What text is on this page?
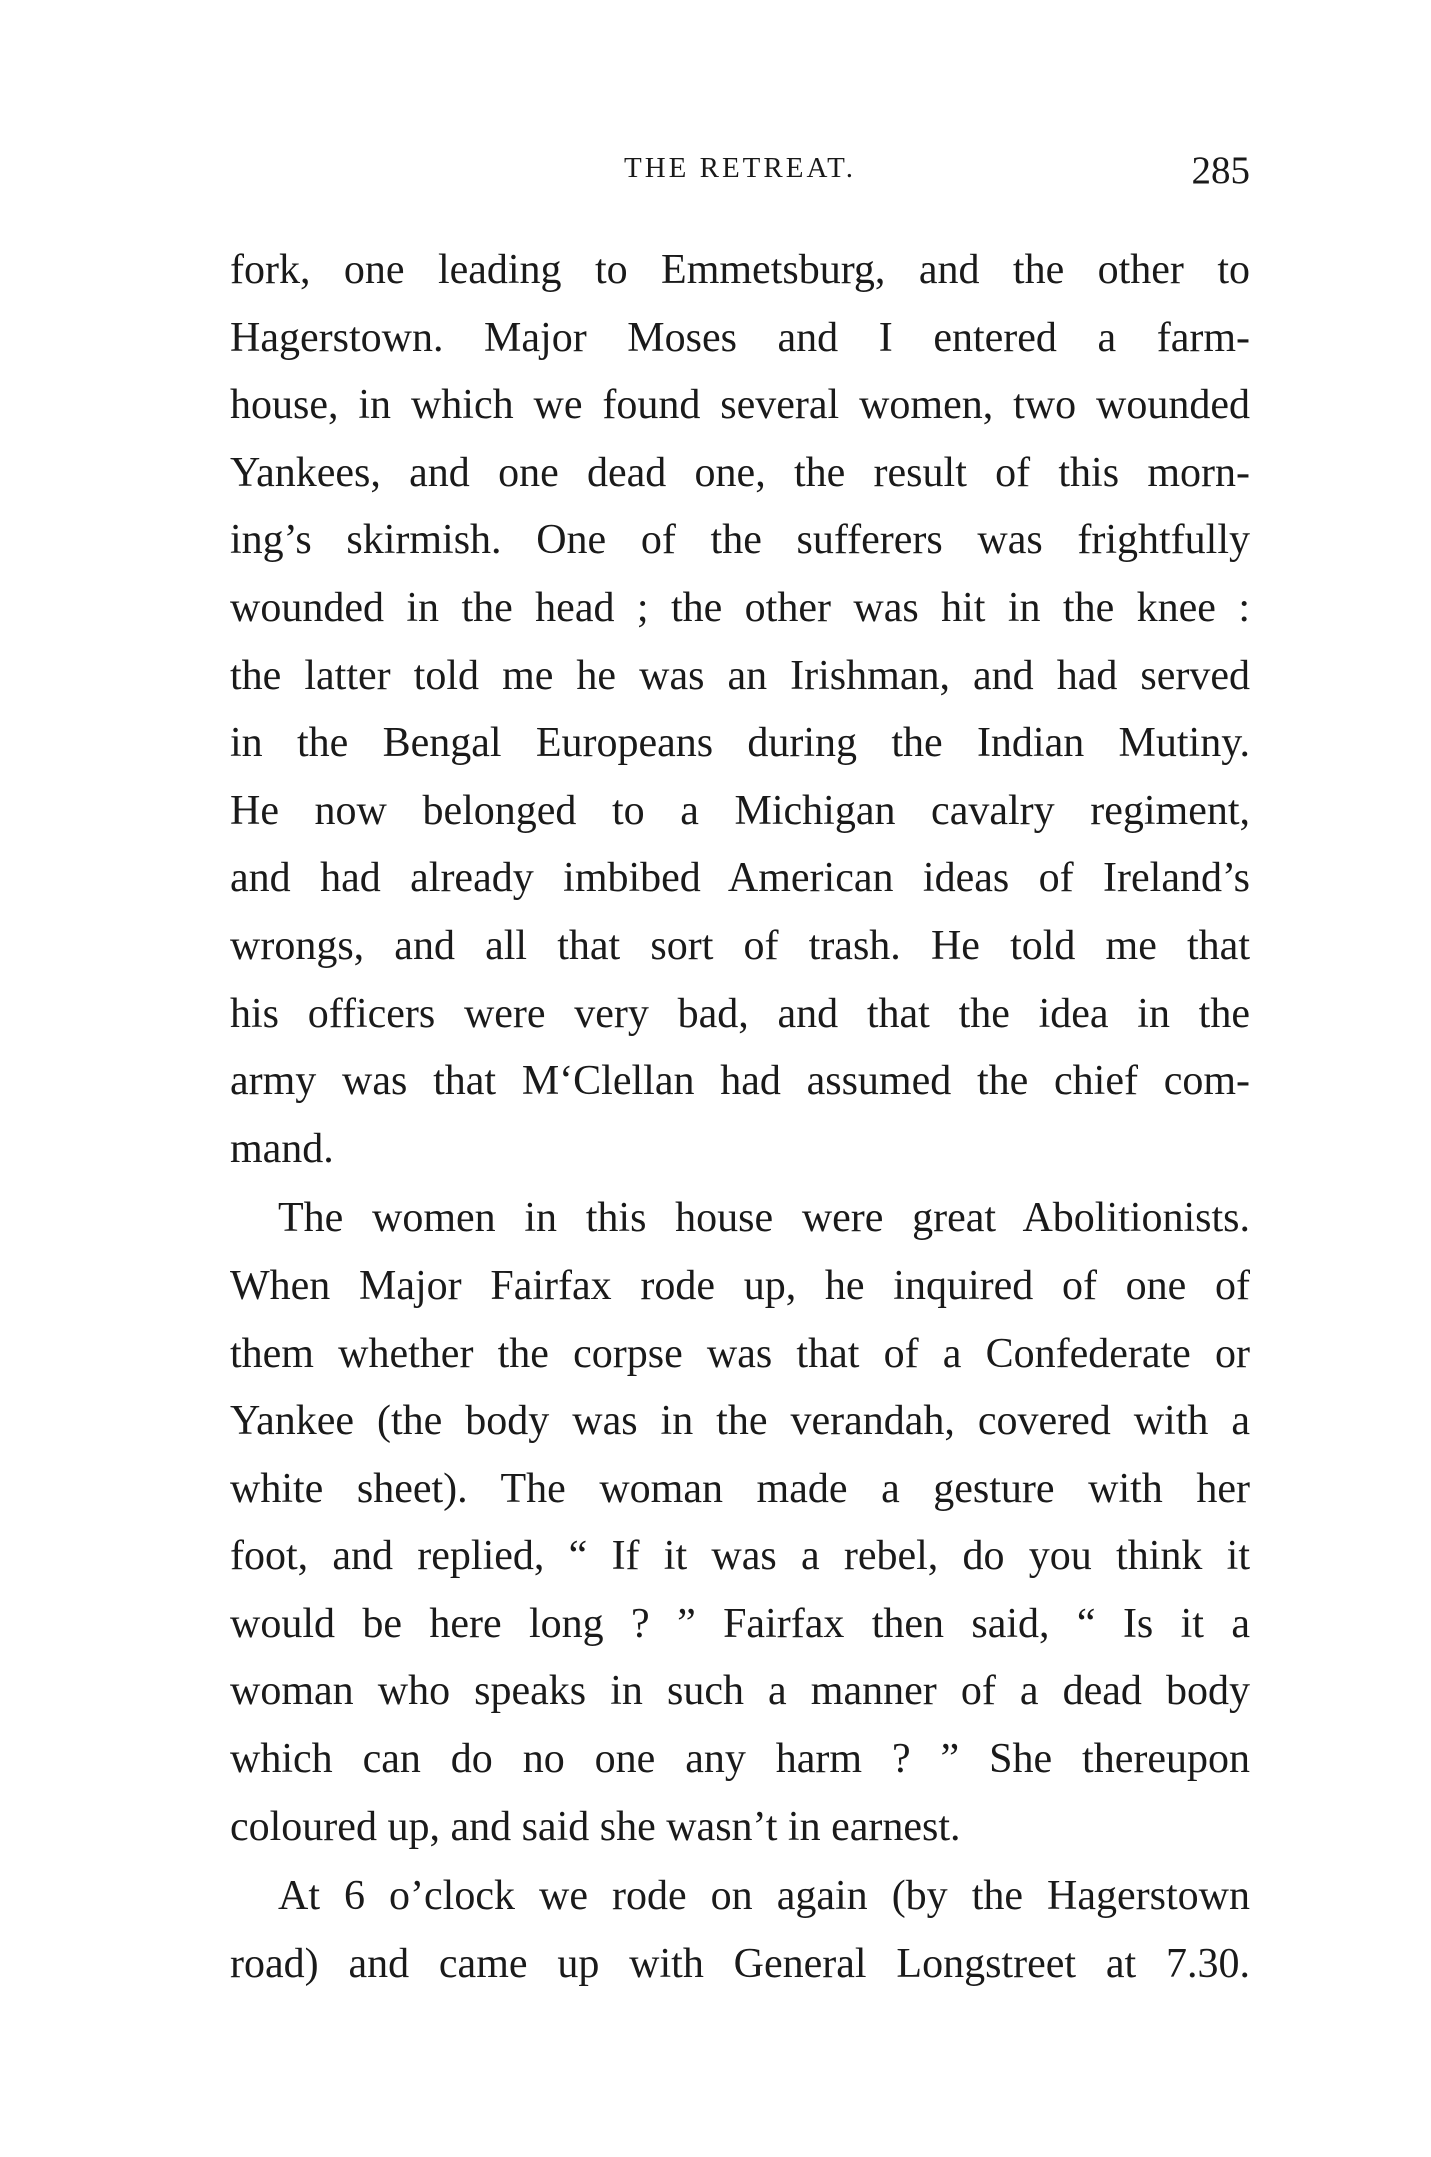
THE RETREAT.	285
fork, one leading to Emmetsburg, and the other to
Hagerstown. Major Moses and I entered a farm-
house, in which we found several women, two wounded
Yankees, and one dead one, the result of this morn-
ing’s skirmish. One of the sufferers was frightfully
wounded in the head ; the other was hit in the knee :
the latter told me he was an Irishman, and had served
in the Bengal Europeans during the Indian Mutiny.
He now belonged to a Michigan cavalry regiment,
and had already imbibed American ideas of Ireland’s
wrongs, and all that sort of trash. He told me that
his officers were very bad, and that the idea in the
army was that M‘Clellan had assumed the chief com-
mand.
The women in this house were great Abolitionists.
When Major Fairfax rode up, he inquired of one of
them whether the corpse was that of a Confederate or
Yankee (the body was in the verandah, covered with a
white sheet). The woman made a gesture with her
foot, and replied, “ If it was a rebel, do you think it
would be here long ? ” Fairfax then said, “ Is it a
woman who speaks in such a manner of a dead body
which can do no one any harm ? ” She thereupon
coloured up, and said she wasn’t in earnest.
At 6 o’clock we rode on again (by the Hagerstown
road) and came up with General Longstreet at 7.30.
